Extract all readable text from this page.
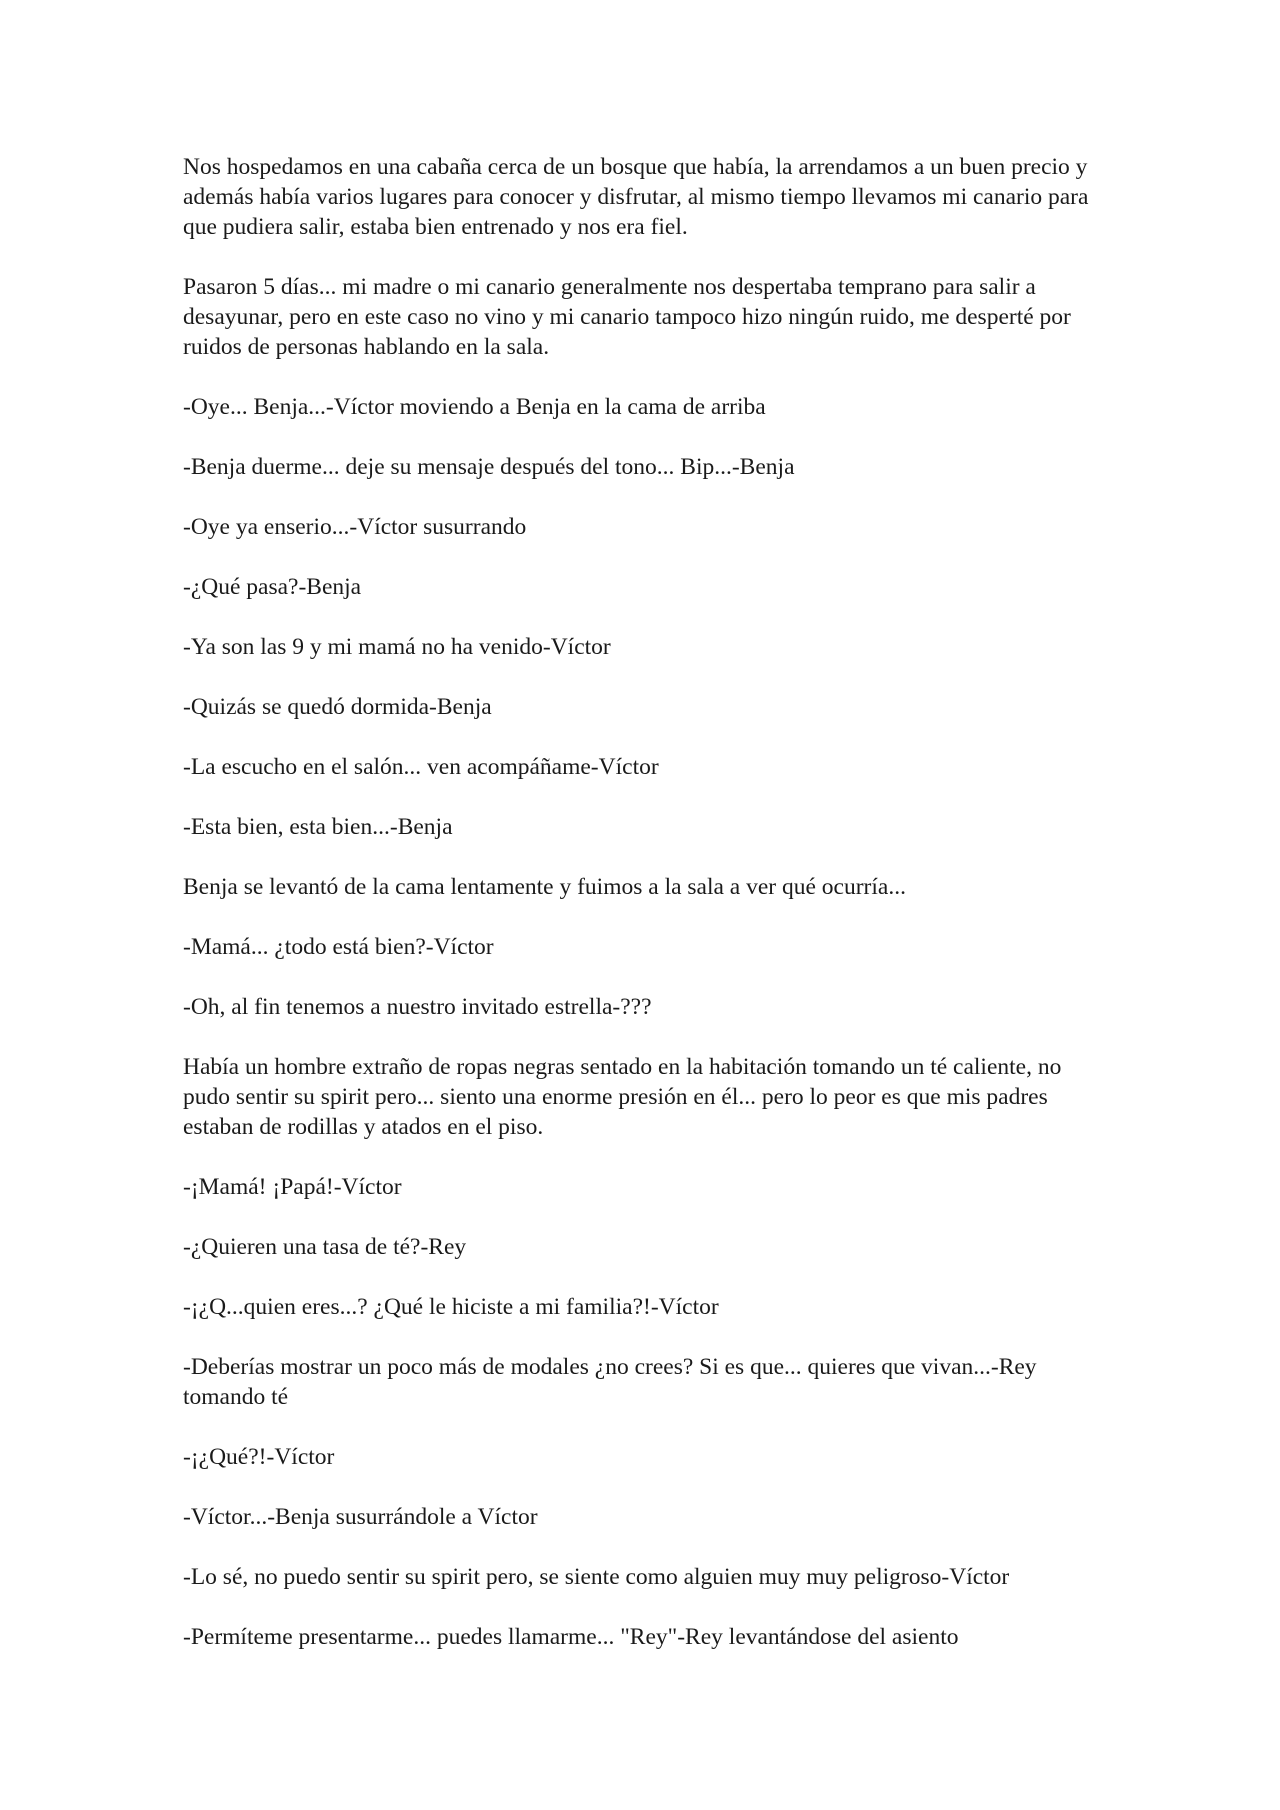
Nos hospedamos en una cabaña cerca de un bosque que había, la arrendamos a un buen precio y además había varios lugares para conocer y disfrutar, al mismo tiempo llevamos mi canario para que pudiera salir, estaba bien entrenado y nos era fiel.

Pasaron 5 días... mi madre o mi canario generalmente nos despertaba temprano para salir a desayunar, pero en este caso no vino y mi canario tampoco hizo ningún ruido, me desperté por ruidos de personas hablando en la sala.

-Oye... Benja...-Víctor moviendo a Benja en la cama de arriba

-Benja duerme... deje su mensaje después del tono... Bip...-Benja

-Oye ya enserio...-Víctor susurrando

-¿Qué pasa?-Benja

-Ya son las 9 y mi mamá no ha venido-Víctor

-Quizás se quedó dormida-Benja

-La escucho en el salón... ven acompáñame-Víctor

-Esta bien, esta bien...-Benja

Benja se levantó de la cama lentamente y fuimos a la sala a ver qué ocurría...

-Mamá... ¿todo está bien?-Víctor

-Oh, al fin tenemos a nuestro invitado estrella-???

Había un hombre extraño de ropas negras sentado en la habitación tomando un té caliente, no pudo sentir su spirit pero... siento una enorme presión en él... pero lo peor es que mis padres estaban de rodillas y atados en el piso.

-¡Mamá! ¡Papá!-Víctor

-¿Quieren una tasa de té?-Rey

-¡¿Q...quien eres...? ¿Qué le hiciste a mi familia?!-Víctor

-Deberías mostrar un poco más de modales ¿no crees? Si es que... quieres que vivan...-Rey tomando té

-¡¿Qué?!-Víctor

-Víctor...-Benja susurrándole a Víctor

-Lo sé, no puedo sentir su spirit pero, se siente como alguien muy muy peligroso-Víctor

-Permíteme presentarme... puedes llamarme... "Rey"-Rey levantándose del asiento
